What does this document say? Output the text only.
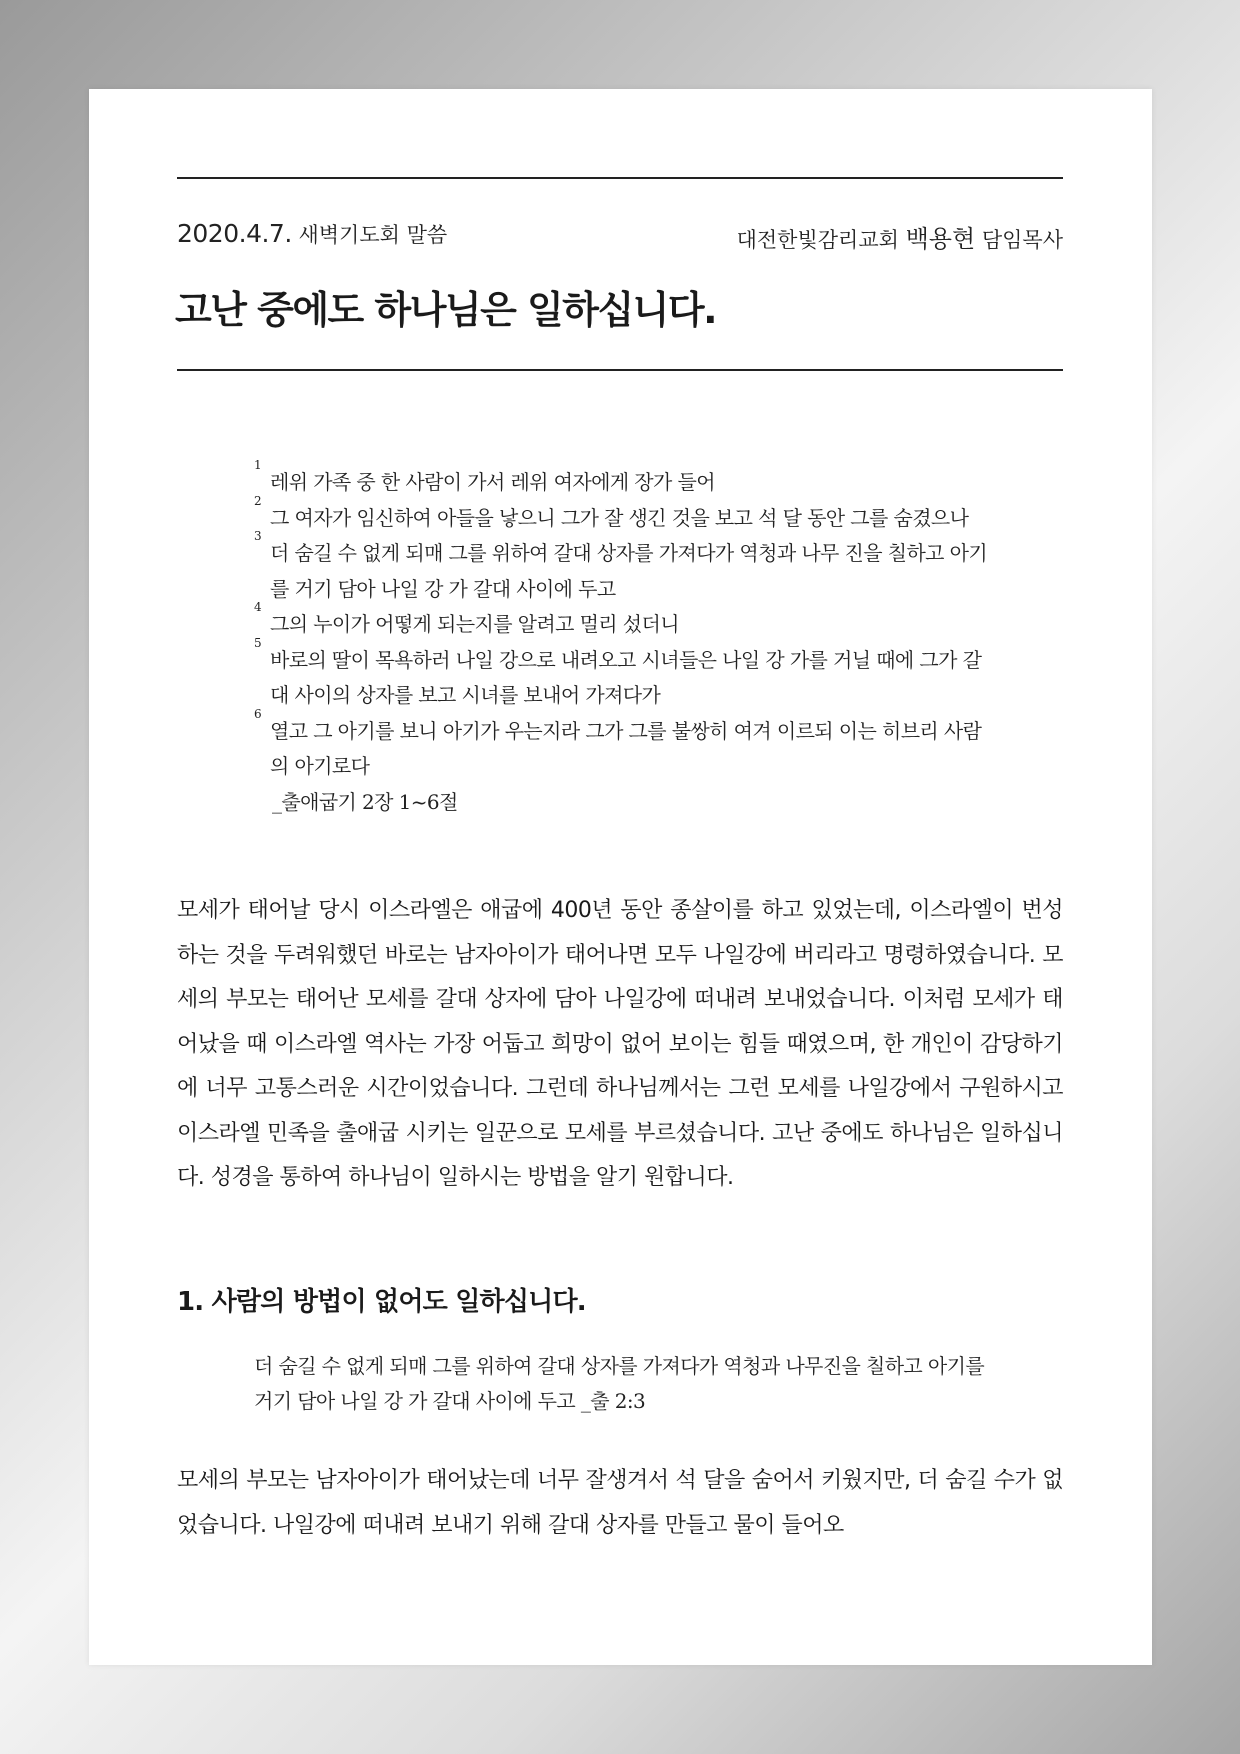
2020.4.7. 새벽기도회 말씀	대전한빛감리교회 백용현 담임목사
고난 중에도 하나님은 일하십니다.
1
레위 가족 중 한 사람이 가서 레위 여자에게 장가 들어
2
그 여자가 임신하여 아들을 낳으니 그가 잘 생긴 것을 보고 석 달 동안 그를 숨겼으나
3
더 숨길 수 없게 되매 그를 위하여 갈대 상자를 가져다가 역청과 나무 진을 칠하고 아기를 거기 담아 나일 강 가 갈대 사이에 두고
4
그의 누이가 어떻게 되는지를 알려고 멀리 섰더니
5
바로의 딸이 목욕하러 나일 강으로 내려오고 시녀들은 나일 강 가를 거닐 때에 그가 갈대 사이의 상자를 보고 시녀를 보내어 가져다가
6
열고 그 아기를 보니 아기가 우는지라 그가 그를 불쌍히 여겨 이르되 이는 히브리 사람의 아기로다
_출애굽기 2장 1~6절

모세가 태어날 당시 이스라엘은 애굽에 400년 동안 종살이를 하고 있었는데, 이스라엘이 번성하는 것을 두려워했던 바로는 남자아이가 태어나면 모두 나일강에 버리라고 명령하였습니다. 모세의 부모는 태어난 모세를 갈대 상자에 담아 나일강에 떠내려 보내었습니다. 이처럼 모세가 태어났을 때 이스라엘 역사는 가장 어둡고 희망이 없어 보이는 힘들 때였으며, 한 개인이 감당하기에 너무 고통스러운 시간이었습니다. 그런데 하나님께서는 그런 모세를 나일강에서 구원하시고 이스라엘 민족을 출애굽 시키는 일꾼으로 모세를 부르셨습니다. 고난 중에도 하나님은 일하십니다. 성경을 통하여 하나님이 일하시는 방법을 알기 원합니다.

1. 사람의 방법이 없어도 일하십니다.
더 숨길 수 없게 되매 그를 위하여 갈대 상자를 가져다가 역청과 나무진을 칠하고 아기를 거기 담아 나일 강 가 갈대 사이에 두고 _출 2:3

모세의 부모는 남자아이가 태어났는데 너무 잘생겨서 석 달을 숨어서 키웠지만, 더 숨길 수가 없었습니다. 나일강에 떠내려 보내기 위해 갈대 상자를 만들고 물이 들어오
